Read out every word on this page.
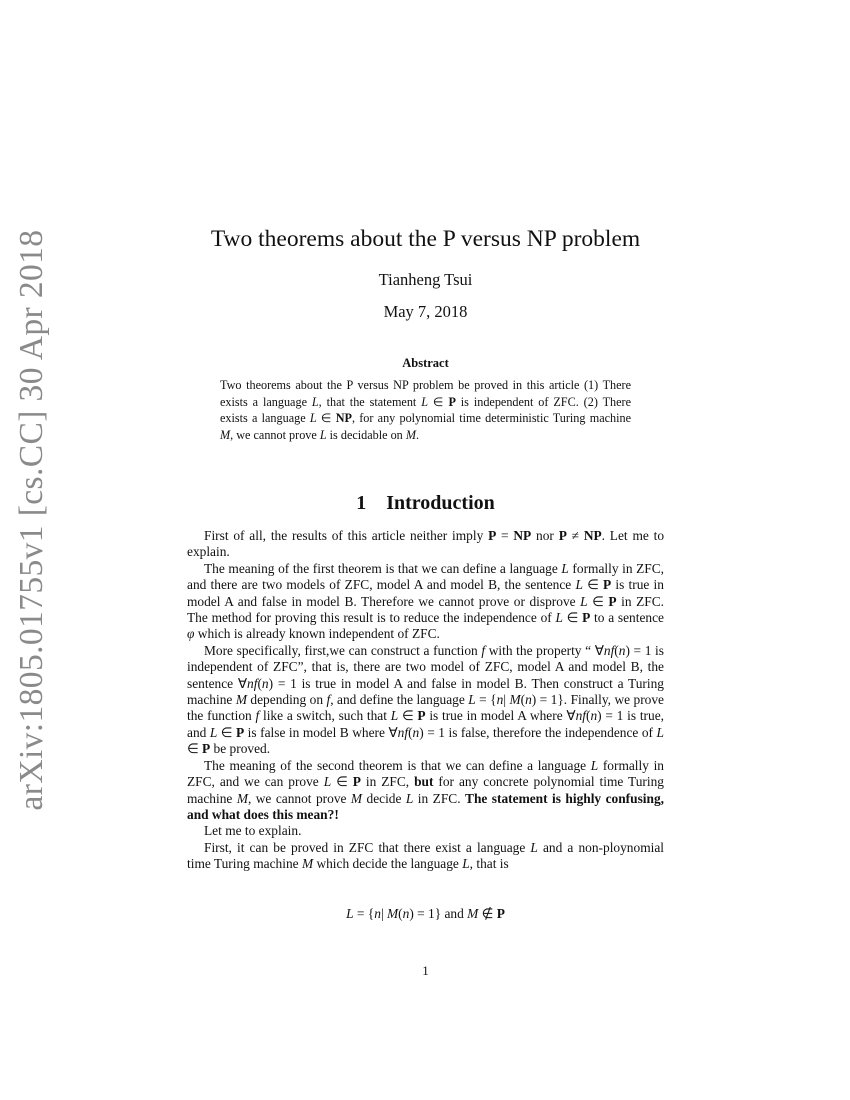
arXiv:1805.01755v1 [cs.CC] 30 Apr 2018	Two theorems about the P versus NP problem
Tianheng Tsui
May 7, 2018
Abstract
Two theorems about the P versus NP problem be proved in this article (1) There exists a language L, that the statement L ∈ P is independent of ZFC. (2) There exists a language L ∈ NP, for any polynomial time deterministic Turing machine M, we cannot prove L is decidable on M.
1 Introduction

First of all, the results of this article neither imply P = NP nor P ≠ NP. Let me to explain.

The meaning of the first theorem is that we can define a language L formally in ZFC, and there are two models of ZFC, model A and model B, the sentence L ∈ P is true in model A and false in model B. Therefore we cannot prove or disprove L ∈ P in ZFC. The method for proving this result is to reduce the independence of L ∈ P to a sentence φ which is already known independent of ZFC.

More specifically, first,we can construct a function f with the property “ ∀nf(n) = 1 is independent of ZFC”, that is, there are two model of ZFC, model A and model B, the sentence ∀nf(n) = 1 is true in model A and false in model B. Then construct a Turing machine M depending on f, and define the language L = {n| M(n) = 1}. Finally, we prove the function f like a switch, such that L ∈ P is true in model A where ∀nf(n) = 1 is true, and L ∈ P is false in model B where ∀nf(n) = 1 is false, therefore the independence of L ∈ P be proved.

The meaning of the second theorem is that we can define a language L formally in ZFC, and we can prove L ∈ P in ZFC, but for any concrete polynomial time Turing machine M, we cannot prove M decide L in ZFC. The statement is highly confusing, and what does this mean?!

Let me to explain.

First, it can be proved in ZFC that there exist a language L and a non-ploynomial time Turing machine M which decide the language L, that is

L = {n| M(n) = 1} and M ∉ P
1
